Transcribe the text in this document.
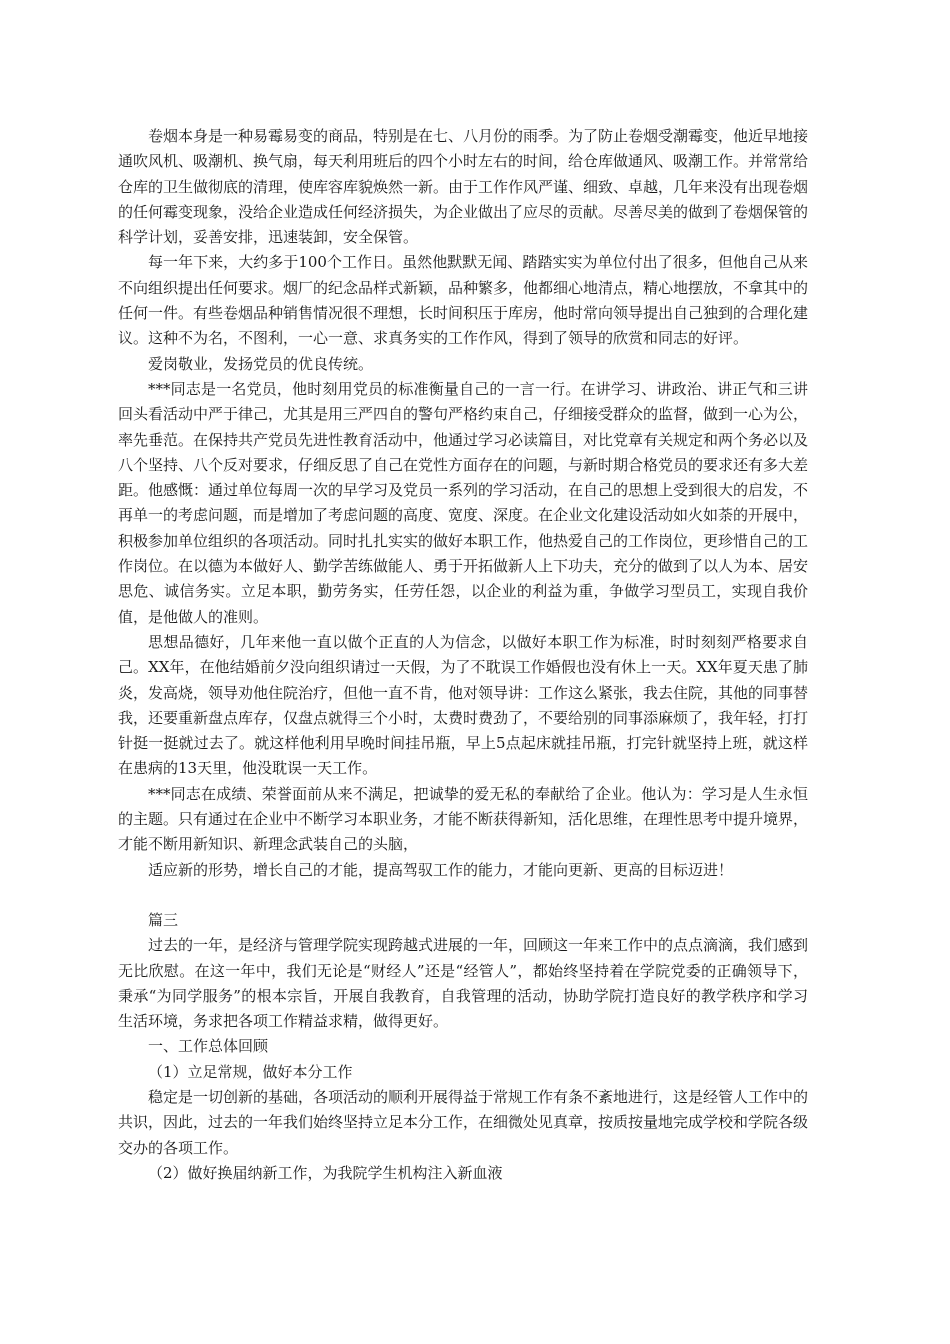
卷烟本身是一种易霉易变的商品，特别是在七、八月份的雨季。为了防止卷烟受潮霉变，他近早地接通吹风机、吸潮机、换气扇，每天利用班后的四个小时左右的时间，给仓库做通风、吸潮工作。并常常给仓库的卫生做彻底的清理，使库容库貌焕然一新。由于工作作风严谨、细致、卓越，几年来没有出现卷烟的任何霉变现象，没给企业造成任何经济损失，为企业做出了应尽的贡献。尽善尽美的做到了卷烟保管的科学计划，妥善安排，迅速装卸，安全保管。

每一年下来，大约多于100个工作日。虽然他默默无闻、踏踏实实为单位付出了很多，但他自己从来不向组织提出任何要求。烟厂的纪念品样式新颖，品种繁多，他都细心地清点，精心地摆放，不拿其中的任何一件。有些卷烟品种销售情况很不理想，长时间积压于库房，他时常向领导提出自己独到的合理化建议。这种不为名，不图利，一心一意、求真务实的工作作风，得到了领导的欣赏和同志的好评。

爱岗敬业，发扬党员的优良传统。

***同志是一名党员，他时刻用党员的标准衡量自己的一言一行。在讲学习、讲政治、讲正气和三讲回头看活动中严于律己，尤其是用三严四自的警句严格约束自己，仔细接受群众的监督，做到一心为公，率先垂范。在保持共产党员先进性教育活动中，他通过学习必读篇目，对比党章有关规定和两个务必以及八个坚持、八个反对要求，仔细反思了自己在党性方面存在的问题，与新时期合格党员的要求还有多大差距。他感慨：通过单位每周一次的早学习及党员一系列的学习活动，在自己的思想上受到很大的启发，不再单一的考虑问题，而是增加了考虑问题的高度、宽度、深度。在企业文化建设活动如火如荼的开展中，积极参加单位组织的各项活动。同时扎扎实实的做好本职工作，他热爱自己的工作岗位，更珍惜自己的工作岗位。在以德为本做好人、勤学苦练做能人、勇于开拓做新人上下功夫，充分的做到了以人为本、居安思危、诚信务实。立足本职，勤劳务实，任劳任怨，以企业的利益为重，争做学习型员工，实现自我价值，是他做人的准则。

思想品德好，几年来他一直以做个正直的人为信念，以做好本职工作为标准，时时刻刻严格要求自己。XX年，在他结婚前夕没向组织请过一天假，为了不耽误工作婚假也没有休上一天。XX年夏天患了肺炎，发高烧，领导劝他住院治疗，但他一直不肯，他对领导讲：工作这么紧张，我去住院，其他的同事替我，还要重新盘点库存，仅盘点就得三个小时，太费时费劲了，不要给别的同事添麻烦了，我年轻，打打针挺一挺就过去了。就这样他利用早晚时间挂吊瓶，早上5点起床就挂吊瓶，打完针就坚持上班，就这样在患病的13天里，他没耽误一天工作。

***同志在成绩、荣誉面前从来不满足，把诚挚的爱无私的奉献给了企业。他认为：学习是人生永恒的主题。只有通过在企业中不断学习本职业务，才能不断获得新知，活化思维，在理性思考中提升境界，才能不断用新知识、新理念武装自己的头脑，

适应新的形势，增长自己的才能，提高驾驭工作的能力，才能向更新、更高的目标迈进！

篇三

过去的一年，是经济与管理学院实现跨越式进展的一年，回顾这一年来工作中的点点滴滴，我们感到无比欣慰。在这一年中，我们无论是“财经人”还是“经管人”，都始终坚持着在学院党委的正确领导下，秉承“为同学服务”的根本宗旨，开展自我教育，自我管理的活动，协助学院打造良好的教学秩序和学习生活环境，务求把各项工作精益求精，做得更好。

一、工作总体回顾

（1）立足常规，做好本分工作

稳定是一切创新的基础，各项活动的顺利开展得益于常规工作有条不紊地进行，这是经管人工作中的共识，因此，过去的一年我们始终坚持立足本分工作，在细微处见真章，按质按量地完成学校和学院各级交办的各项工作。

（2）做好换届纳新工作，为我院学生机构注入新血液
